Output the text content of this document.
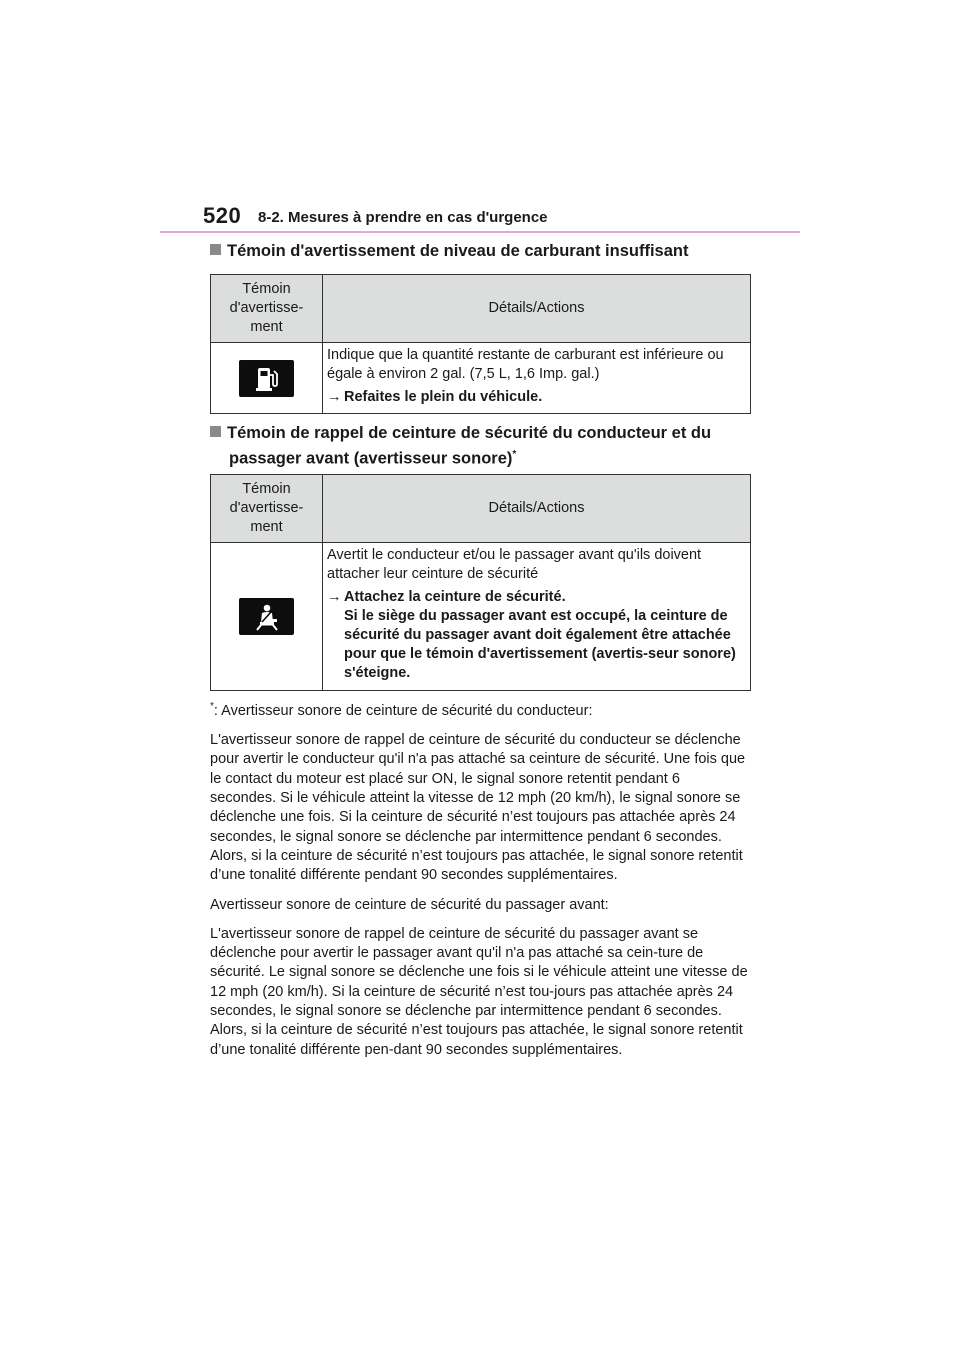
520 8-2. Mesures à prendre en cas d'urgence
Témoin d'avertissement de niveau de carburant insuffisant
Témoin
d'avertisse-
ment	Détails/Actions

Indique que la quantité restante de carburant est inférieure ou égale à environ 2 gal. (7,5 L, 1,6 Imp. gal.)

→ Refaites le plein du véhicule.
Témoin de rappel de ceinture de sécurité du conducteur et du
passager avant (avertisseur sonore)*
Témoin
d'avertisse-
ment	Détails/Actions

Avertit le conducteur et/ou le passager avant qu'ils doivent attacher leur ceinture de sécurité

→ Attachez la ceinture de sécurité.
Si le siège du passager avant est occupé, la ceinture de sécurité du passager avant doit également être attachée pour que le témoin d'avertissement (avertis-seur sonore) s'éteigne.

*: Avertisseur sonore de ceinture de sécurité du conducteur:

L'avertisseur sonore de rappel de ceinture de sécurité du conducteur se déclenche pour avertir le conducteur qu'il n'a pas attaché sa ceinture de sécurité. Une fois que le contact du moteur est placé sur ON, le signal sonore retentit pendant 6 secondes. Si le véhicule atteint la vitesse de 12 mph (20 km/h), le signal sonore se déclenche une fois. Si la ceinture de sécurité n’est toujours pas attachée après 24 secondes, le signal sonore se déclenche par intermittence pendant 6 secondes. Alors, si la ceinture de sécurité n’est toujours pas attachée, le signal sonore retentit d’une tonalité différente pendant 90 secondes supplémentaires.

Avertisseur sonore de ceinture de sécurité du passager avant:

L'avertisseur sonore de rappel de ceinture de sécurité du passager avant se déclenche pour avertir le passager avant qu'il n'a pas attaché sa cein-ture de sécurité. Le signal sonore se déclenche une fois si le véhicule atteint une vitesse de 12 mph (20 km/h). Si la ceinture de sécurité n’est tou-jours pas attachée après 24 secondes, le signal sonore se déclenche par intermittence pendant 6 secondes. Alors, si la ceinture de sécurité n’est toujours pas attachée, le signal sonore retentit d’une tonalité différente pen-dant 90 secondes supplémentaires.
